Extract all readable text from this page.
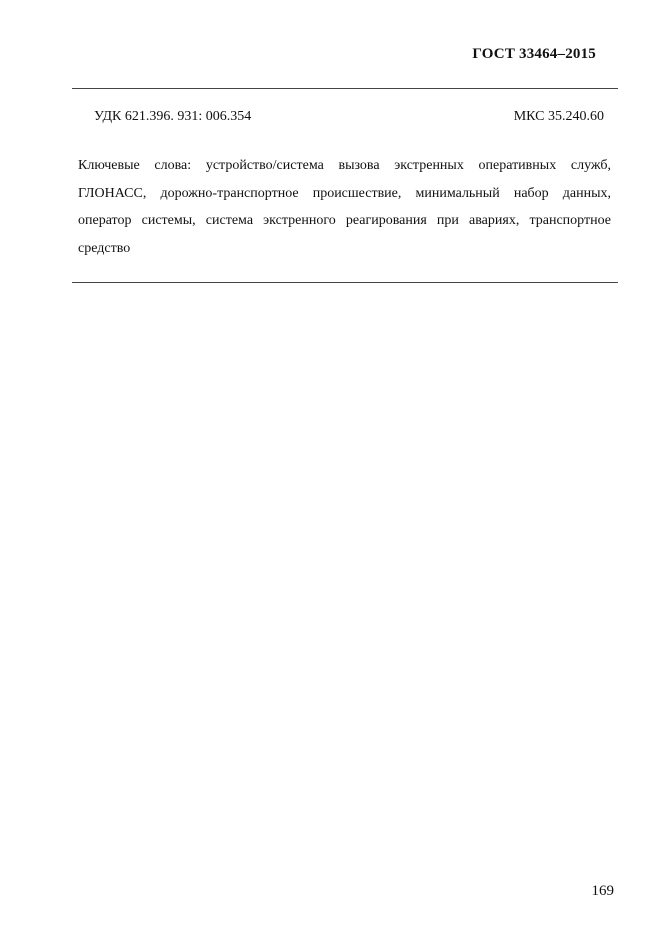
ГОСТ 33464–2015
УДК 621.396. 931: 006.354	МКС 35.240.60

Ключевые слова: устройство/система вызова экстренных оперативных служб, ГЛОНАСС, дорожно-транспортное происшествие, минимальный набор данных, оператор системы, система экстренного реагирования при авариях, транспортное средство

169
